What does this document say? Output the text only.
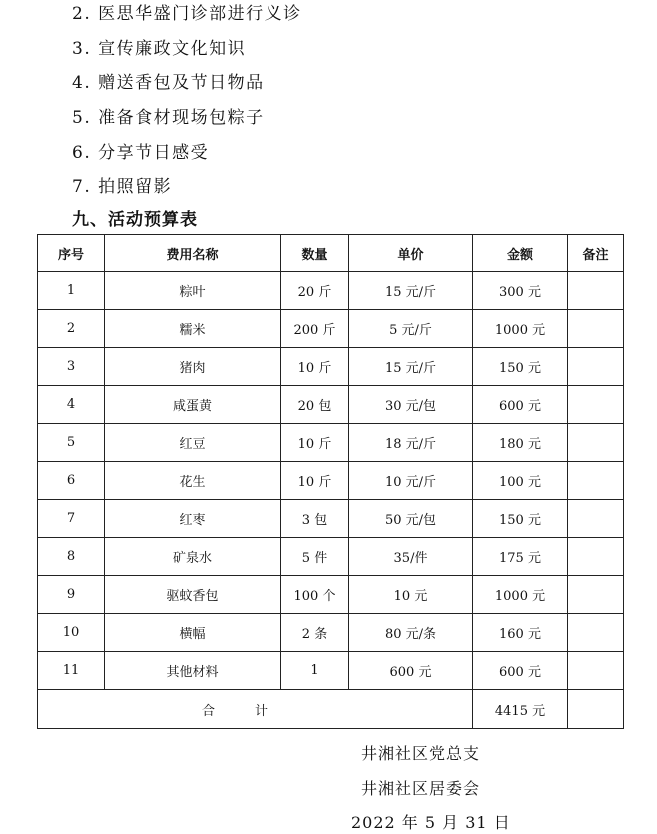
2. 医思华盛门诊部进行义诊
3. 宣传廉政文化知识
4. 赠送香包及节日物品
5. 准备食材现场包粽子
6. 分享节日感受
7. 拍照留影
九、活动预算表
序号	费用名称	数量	单价	金额	备注
1	粽叶	20 斤	15 元/斤	300 元	
2	糯米	200 斤	5 元/斤	1000 元	
3	猪肉	10 斤	15 元/斤	150 元	
4	咸蛋黄	20 包	30 元/包	600 元	
5	红豆	10 斤	18 元/斤	180 元	
6	花生	10 斤	10 元/斤	100 元	
7	红枣	3 包	50 元/包	150 元	
8	矿泉水	5 件	35/件	175 元	
9	驱蚊香包	100 个	10 元	1000 元	
10	横幅	2 条	80 元/条	160 元	
11	其他材料	1	600 元	600 元	
合计				4415 元	
井湘社区党总支
井湘社区居委会
2022 年 5 月 31 日
